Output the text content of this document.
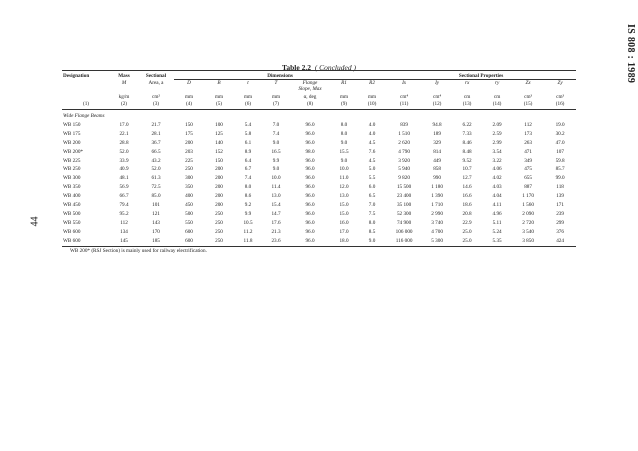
IS 808 : 1989
44
Table 2.2 ( Concluded )
Designation	Mass	Sectional	Dimensions							Sectional Properties					
	M	Area, a	D	B	t	T	Flange
Slope, Max	R1	R2	Ix	Iy	rx	ry	Zx	Zy
	kg/m	cm²	mm	mm	mm	mm	α, deg	mm	mm	cm⁴	cm⁴	cm	cm	cm³	cm³
(1)	(2)	(3)	(4)	(5)	(6)	(7)	(8)	(9)	(10)	(11)	(12)	(13)	(14)	(15)	(16)
Wide Flange Beams															
WB 150	17.0	21.7	150	100	5.4	7.0	96.0	8.0	4.0	839	94.8	6.22	2.09	112	19.0
WB 175	22.1	28.1	175	125	5.8	7.4	96.0	8.0	4.0	1 510	189	7.33	2.59	173	30.2
WB 200	28.8	36.7	200	140	6.1	9.0	96.0	9.0	4.5	2 620	329	8.46	2.99	263	47.0
WB 200*	52.0	66.5	203	152	8.9	16.5	98.0	15.5	7.6	4 790	814	8.48	3.54	471	107
WB 225	33.9	43.2	225	150	6.4	9.9	96.0	9.0	4.5	3 920	449	9.52	3.22	349	59.8
WB 250	40.9	52.0	250	200	6.7	9.0	96.0	10.0	5.0	5 940	858	10.7	4.06	475	85.7
WB 300	48.1	61.3	300	200	7.4	10.0	96.0	11.0	5.5	9 820	990	12.7	4.02	655	99.0
WB 350	56.9	72.5	350	200	8.0	11.4	96.0	12.0	6.0	15 500	1 180	14.6	4.03	887	118
WB 400	66.7	85.0	400	200	8.6	13.0	96.0	13.0	6.5	23 400	1 390	16.6	4.04	1 170	139
WB 450	79.4	101	450	200	9.2	15.4	96.0	15.0	7.0	35 100	1 710	18.6	4.11	1 560	171
WB 500	95.2	121	500	250	9.9	14.7	96.0	15.0	7.5	52 300	2 990	20.8	4.96	2 090	239
WB 550	112	143	550	250	10.5	17.6	96.0	16.0	8.0	74 900	3 740	22.9	5.11	2 720	299
WB 600	134	170	600	250	11.2	21.3	96.0	17.0	8.5	106 000	4 700	25.0	5.24	3 540	376
WB 600	145	185	600	250	11.8	23.6	96.0	18.0	9.0	116 000	5 300	25.0	5.35	3 850	424
WB 200* (RSJ Section) is mainly used for railway electrification.															
